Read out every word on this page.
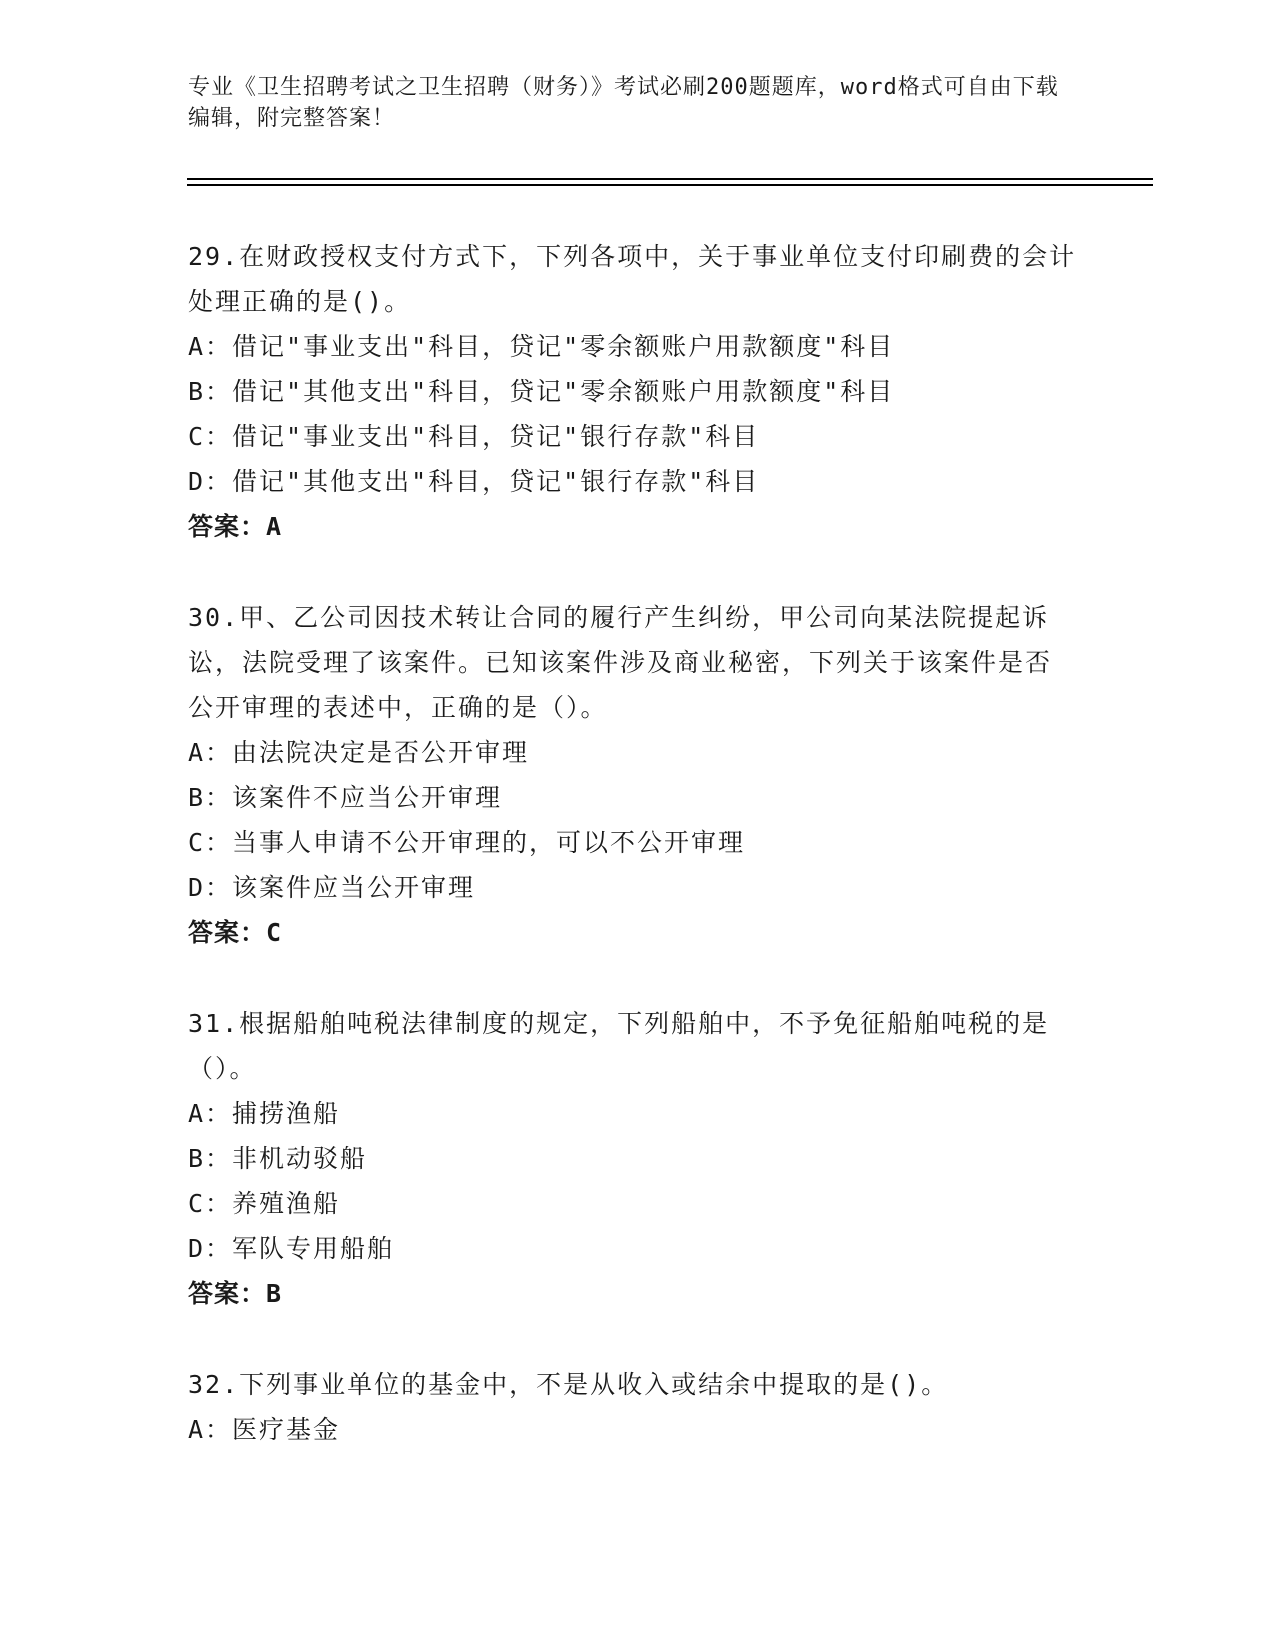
专业《卫生招聘考试之卫生招聘（财务）》考试必刷200题题库，word格式可自由下载编辑，附完整答案！
29.在财政授权支付方式下，下列各项中，关于事业单位支付印刷费的会计处理正确的是()。
A：借记"事业支出"科目，贷记"零余额账户用款额度"科目
B：借记"其他支出"科目，贷记"零余额账户用款额度"科目
C：借记"事业支出"科目，贷记"银行存款"科目
D：借记"其他支出"科目，贷记"银行存款"科目
答案：A
30.甲、乙公司因技术转让合同的履行产生纠纷，甲公司向某法院提起诉讼，法院受理了该案件。已知该案件涉及商业秘密，下列关于该案件是否公开审理的表述中，正确的是（）。
A：由法院决定是否公开审理
B：该案件不应当公开审理
C：当事人申请不公开审理的，可以不公开审理
D：该案件应当公开审理
答案：C
31.根据船舶吨税法律制度的规定，下列船舶中，不予免征船舶吨税的是（）。
A：捕捞渔船
B：非机动驳船
C：养殖渔船
D：军队专用船舶
答案：B
32.下列事业单位的基金中，不是从收入或结余中提取的是()。
A：医疗基金
